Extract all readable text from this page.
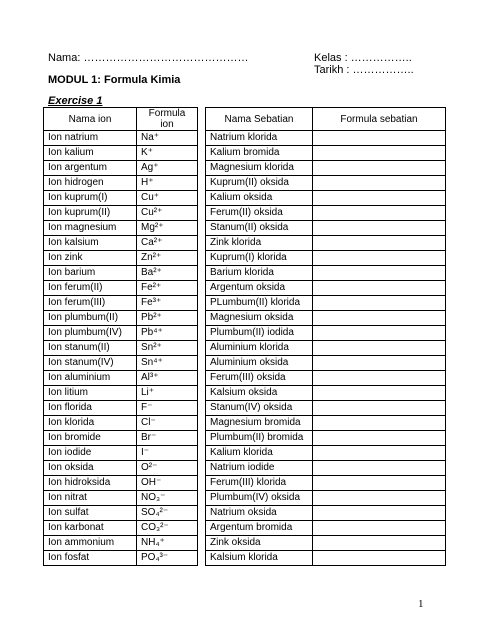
Nama: ………………………………………	Kelas : ……………..
Tarikh : ……………..
MODUL 1: Formula Kimia
Exercise 1
Nama ion	Formula ion
Ion natrium	Na⁺
Ion kalium	K⁺
Ion argentum	Ag⁺
Ion hidrogen	H⁺
Ion kuprum(I)	Cu⁺
Ion kuprum(II)	Cu²⁺
Ion magnesium	Mg²⁺
Ion kalsium	Ca²⁺
Ion zink	Zn²⁺
Ion barium	Ba²⁺
Ion ferum(II)	Fe²⁺
Ion ferum(III)	Fe³⁺
Ion plumbum(II)	Pb²⁺
Ion plumbum(IV)	Pb⁴⁺
Ion stanum(II)	Sn²⁺
Ion stanum(IV)	Sn⁴⁺
Ion aluminium	Al³⁺
Ion litium	Li⁺
Ion florida	F⁻
Ion klorida	Cl⁻
Ion bromide	Br⁻
Ion iodide	I⁻
Ion oksida	O²⁻
Ion hidroksida	OH⁻
Ion nitrat	NO₃⁻
Ion sulfat	SO₄²⁻
Ion karbonat	CO₃²⁻
Ion ammonium	NH₄⁺
Ion fosfat	PO₄³⁻
Nama Sebatian	Formula sebatian
Natrium klorida	
Kalium bromida	
Magnesium klorida	
Kuprum(II) oksida	
Kalium oksida	
Ferum(II) oksida	
Stanum(II) oksida	
Zink klorida	
Kuprum(I) klorida	
Barium klorida	
Argentum oksida	
PLumbum(II) klorida	
Magnesium oksida	
Plumbum(II) iodida	
Aluminium klorida	
Aluminium oksida	
Ferum(III) oksida	
Kalsium oksida	
Stanum(IV) oksida	
Magnesium bromida	
Plumbum(II) bromida	
Kalium klorida	
Natrium iodide	
Ferum(III) klorida	
Plumbum(IV) oksida	
Natrium oksida	
Argentum bromida	
Zink oksida	
Kalsium klorida	
1
